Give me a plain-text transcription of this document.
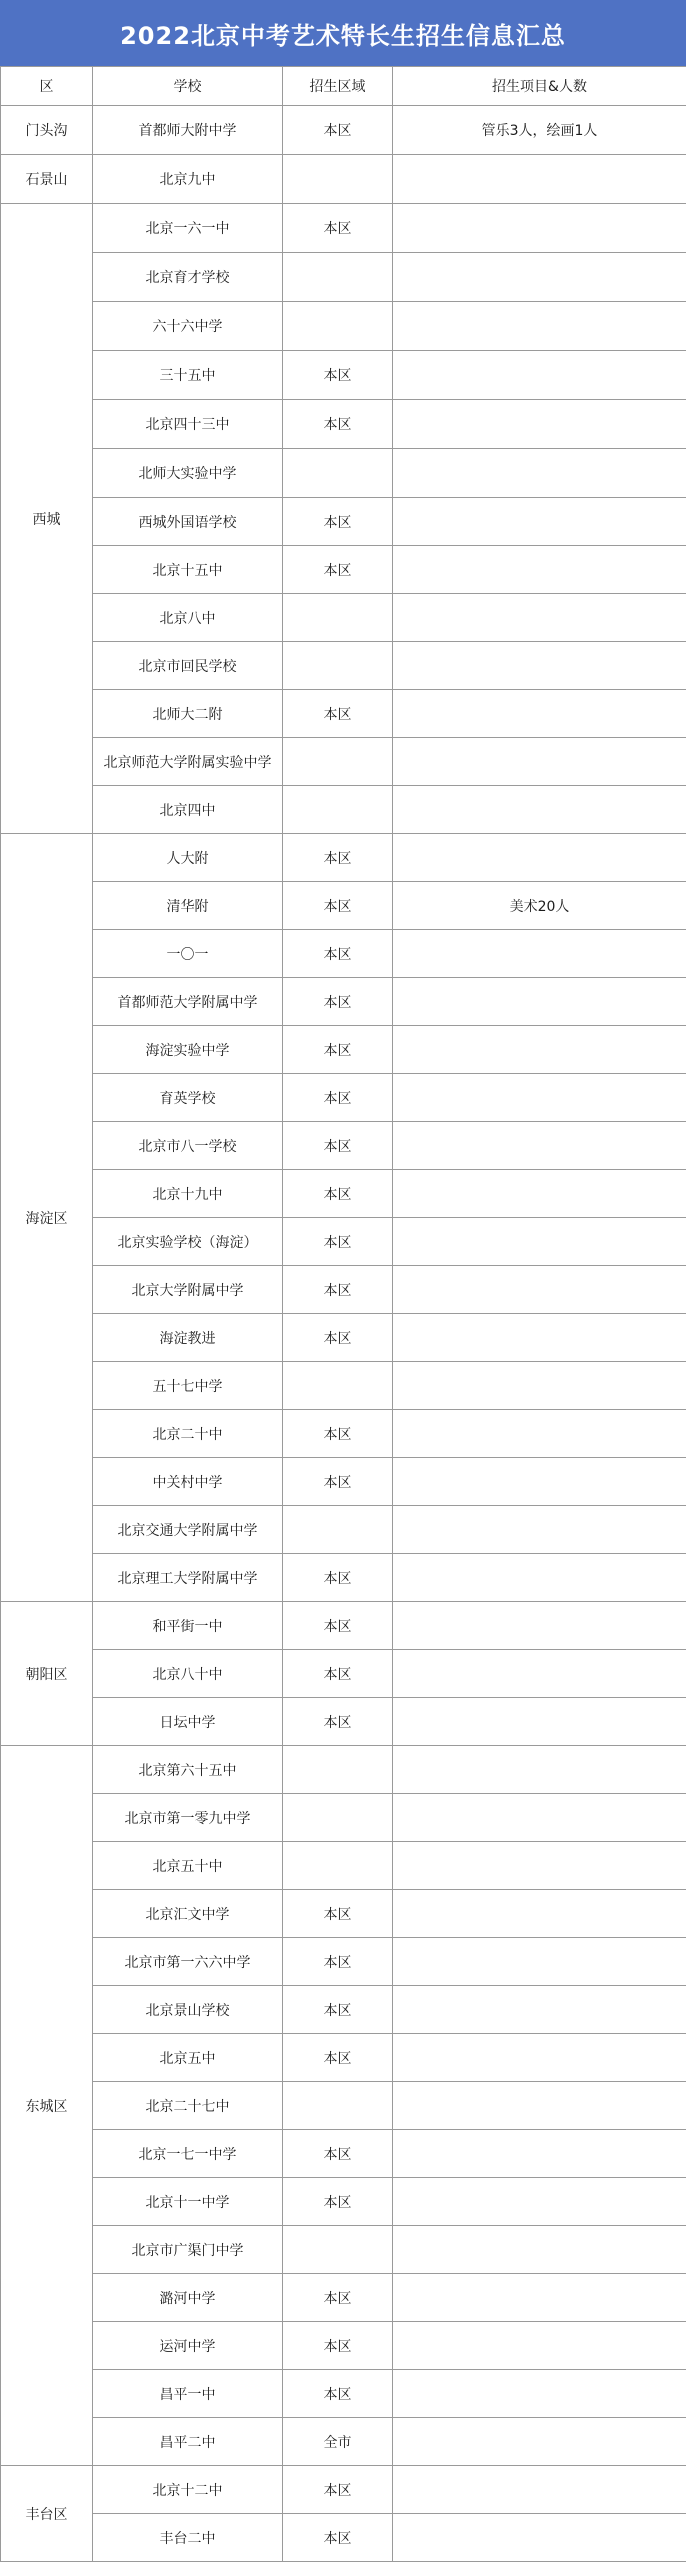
2022北京中考艺术特长生招生信息汇总
区	学校	招生区域	招生项目&人数
门头沟	首都师大附中学	本区	管乐3人，绘画1人
石景山	北京九中		
西城	北京一六一中	本区	
	北京育才学校		
	六十六中学		
	三十五中	本区	
	北京四十三中	本区	
	北师大实验中学		
	西城外国语学校	本区	
	北京十五中	本区	
	北京八中		
	北京市回民学校		
	北师大二附	本区	
	北京师范大学附属实验中学		
	北京四中		
海淀区	人大附	本区	
	清华附	本区	美术20人
	一〇一	本区	
	首都师范大学附属中学	本区	
	海淀实验中学	本区	
	育英学校	本区	
	北京市八一学校	本区	
	北京十九中	本区	
	北京实验学校（海淀）	本区	
	北京大学附属中学	本区	
	海淀教进	本区	
	五十七中学		
	北京二十中	本区	
	中关村中学	本区	
	北京交通大学附属中学		
	北京理工大学附属中学	本区	
朝阳区	和平街一中	本区	
	北京八十中	本区	
	日坛中学	本区	
东城区	北京第六十五中		
	北京市第一零九中学		
	北京五十中		
	北京汇文中学	本区	
	北京市第一六六中学	本区	
	北京景山学校	本区	
	北京五中	本区	
	北京二十七中		
	北京一七一中学	本区	
	北京十一中学	本区	
	北京市广渠门中学		
	潞河中学	本区	
	运河中学	本区	
	昌平一中	本区	
	昌平二中	全市	
丰台区	北京十二中	本区	
	丰台二中	本区	
